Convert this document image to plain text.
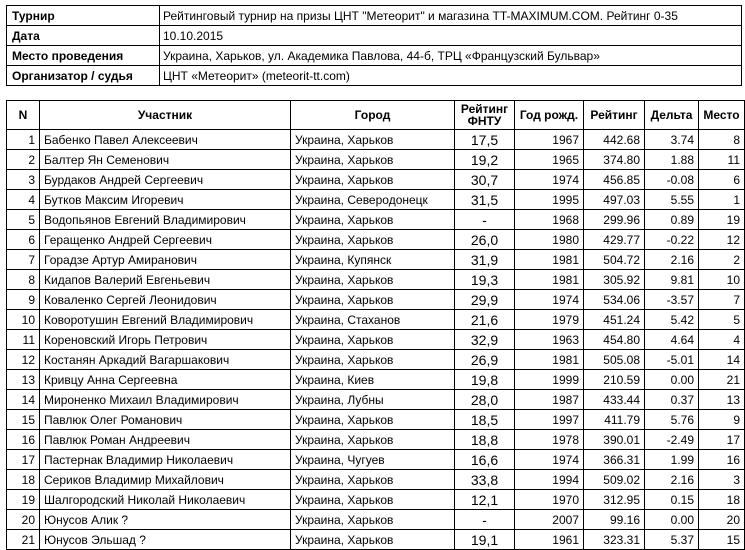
Турнир	Рейтинговый турнир на призы ЦНТ "Метеорит" и магазина TT-MAXIMUM.COM. Рейтинг 0-35
Дата	10.10.2015
Место проведения	Украина, Харьков, ул. Академика Павлова, 44-б, ТРЦ «Французский Бульвар»
Организатор / судья	ЦНТ «Метеорит» (meteorit-tt.com)
N	Участник	Город	Рейтинг ФНТУ	Год рожд.	Рейтинг	Дельта	Место
1	Бабенко Павел Алексеевич	Украина, Харьков	17,5	1967	442.68	3.74	8
2	Балтер Ян Семенович	Украина, Харьков	19,2	1965	374.80	1.88	11
3	Бурдаков Андрей Сергеевич	Украина, Харьков	30,7	1974	456.85	-0.08	6
4	Бутков Максим Игоревич	Украина, Северодонецк	31,5	1995	497.03	5.55	1
5	Водопьянов Евгений Владимирович	Украина, Харьков	-	1968	299.96	0.89	19
6	Геращенко Андрей Сергеевич	Украина, Харьков	26,0	1980	429.77	-0.22	12
7	Горадзе Артур Амиранович	Украина, Купянск	31,9	1981	504.72	2.16	2
8	Кидапов Валерий Евгеньевич	Украина, Харьков	19,3	1981	305.92	9.81	10
9	Коваленко Сергей Леонидович	Украина, Харьков	29,9	1974	534.06	-3.57	7
10	Коворотушин Евгений Владимирович	Украина, Стаханов	21,6	1979	451.24	5.42	5
11	Кореновский Игорь Петрович	Украина, Харьков	32,9	1963	454.80	4.64	4
12	Костанян Аркадий Вагаршакович	Украина, Харьков	26,9	1981	505.08	-5.01	14
13	Кривцу Анна Сергеевна	Украина, Киев	19,8	1999	210.59	0.00	21
14	Мироненко Михаил Владимирович	Украина, Лубны	28,0	1987	433.44	0.37	13
15	Павлюк Олег Романович	Украина, Харьков	18,5	1997	411.79	5.76	9
16	Павлюк Роман Андреевич	Украина, Харьков	18,8	1978	390.01	-2.49	17
17	Пастернак Владимир Николаевич	Украина, Чугуев	16,6	1974	366.31	1.99	16
18	Сериков Владимир Михайлович	Украина, Харьков	33,8	1994	509.02	2.16	3
19	Шалгородский Николай Николаевич	Украина, Харьков	12,1	1970	312.95	0.15	18
20	Юнусов Алик ?	Украина, Харьков	-	2007	99.16	0.00	20
21	Юнусов Эльшад ?	Украина, Харьков	19,1	1961	323.31	5.37	15
